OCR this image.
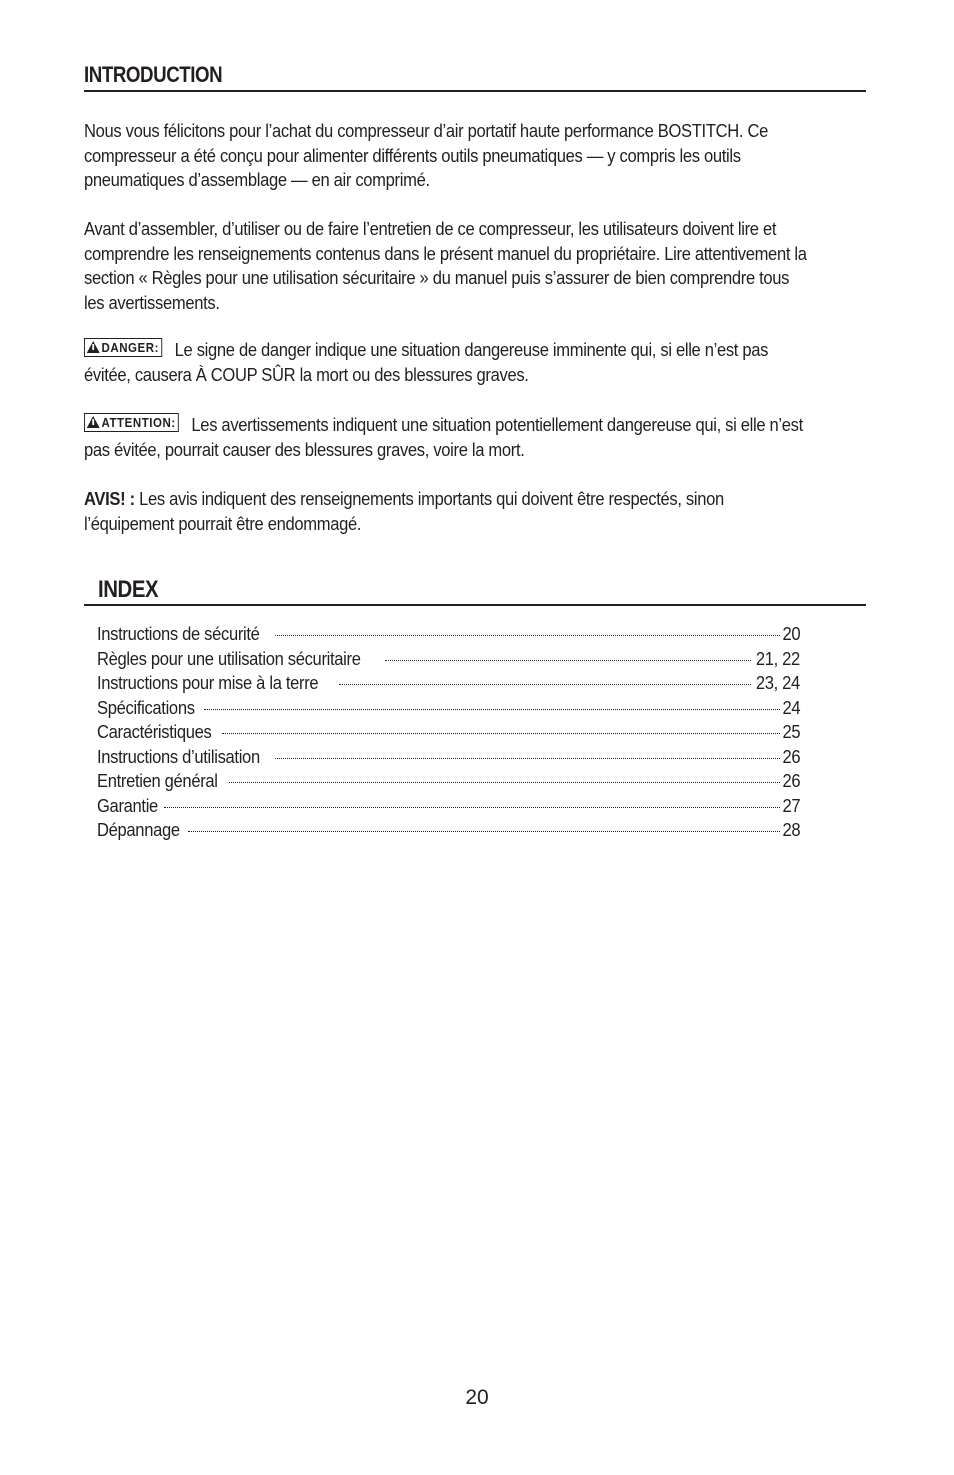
INTRODUCTION
Nous vous félicitons pour l’achat du compresseur d’air portatif haute performance BOSTITCH. Ce compresseur a été conçu pour alimenter différents outils pneumatiques — y compris les outils pneumatiques d’assemblage — en air comprimé.
Avant d’assembler, d’utiliser ou de faire l’entretien de ce compresseur, les utilisateurs doivent lire et comprendre les renseignements contenus dans le présent manuel du propriétaire. Lire attentivement la section « Règles pour une utilisation sécuritaire » du manuel puis s’assurer de bien comprendre tous les avertissements.
DANGER: Le signe de danger indique une situation dangereuse imminente qui, si elle n’est pas évitée, causera À COUP SÛR la mort ou des blessures graves.
ATTENTION: Les avertissements indiquent une situation potentiellement dangereuse qui, si elle n’est pas évitée, pourrait causer des blessures graves, voire la mort.
AVIS! : Les avis indiquent des renseignements importants qui doivent être respectés, sinon l’équipement pourrait être endommagé.
INDEX
Instructions de sécurité	20
Règles pour une utilisation sécuritaire	21, 22
Instructions pour mise à la terre	23, 24
Spécifications	24
Caractéristiques	25
Instructions d’utilisation	26
Entretien général	26
Garantie	27
Dépannage	28
20
